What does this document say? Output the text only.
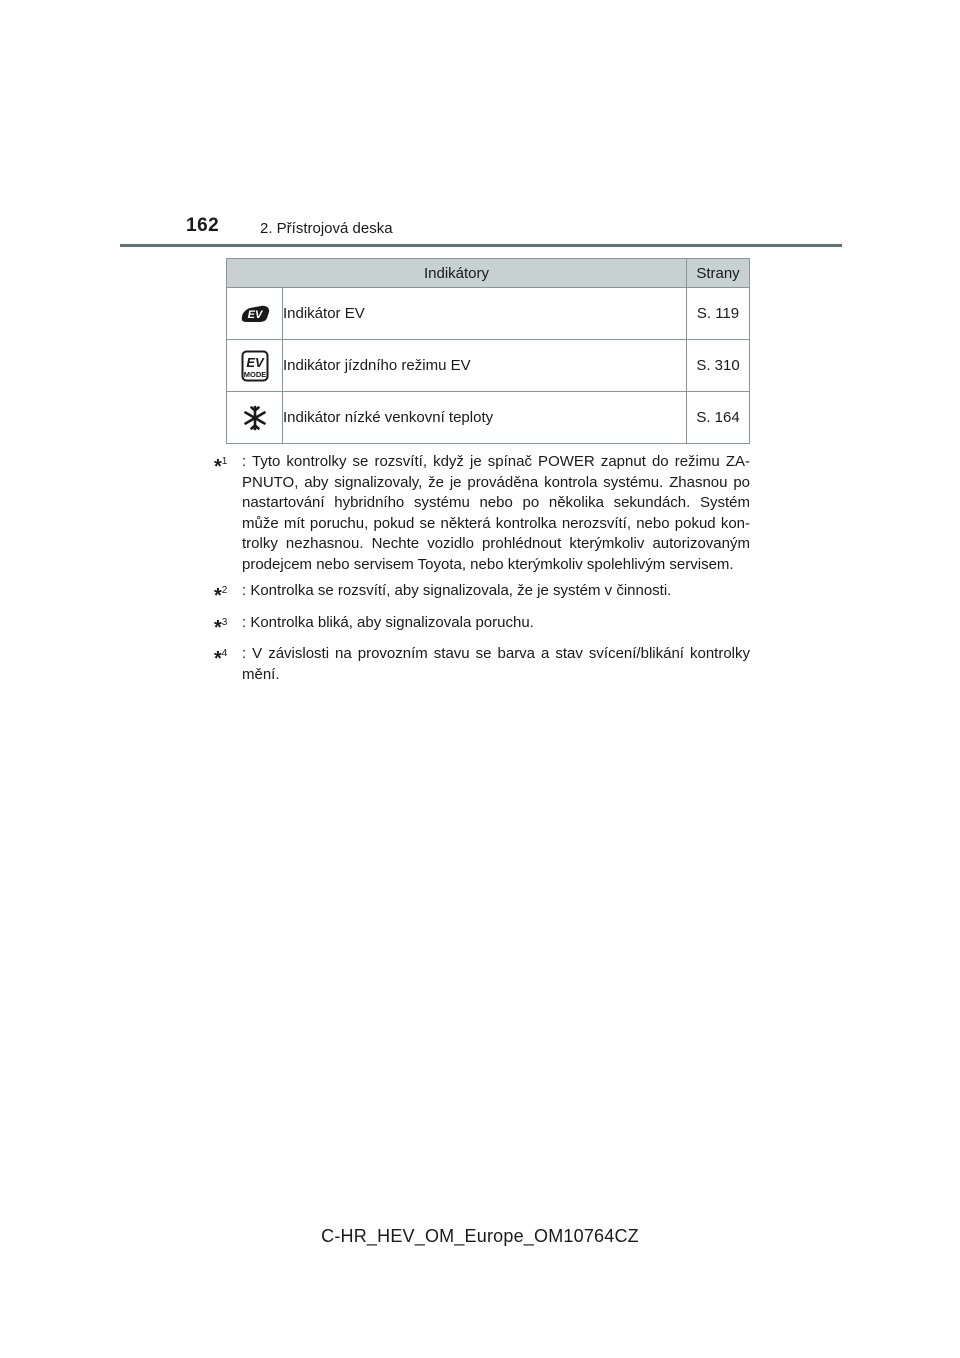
162	2. Přístrojová deska
Indikátory		Strany

EV	Indikátor EV	S. 119

EV
MODE	Indikátor jízdního režimu EV	S. 310

	Indikátor nízké venkovní teploty	S. 164
*$^1$ : Tyto kontrolky se rozsvítí, když je spínač POWER zapnut do režimu ZA-PNUTO, aby signalizovaly, že je prováděna kontrola systému. Zhasnou po nastartování hybridního systému nebo po několika sekundách. Systém může mít poruchu, pokud se některá kontrolka nerozsvítí, nebo pokud kon-trolky nezhasnou. Nechte vozidlo prohlédnout kterýmkoliv autorizovaným prodejcem nebo servisem Toyota, nebo kterýmkoliv spolehlivým servisem.
*$^2$ : Kontrolka se rozsvítí, aby signalizovala, že je systém v činnosti.
*$^3$ : Kontrolka bliká, aby signalizovala poruchu.
*$^4$ : V závislosti na provozním stavu se barva a stav svícení/blikání kontrolky mění.
C-HR_HEV_OM_Europe_OM10764CZ
